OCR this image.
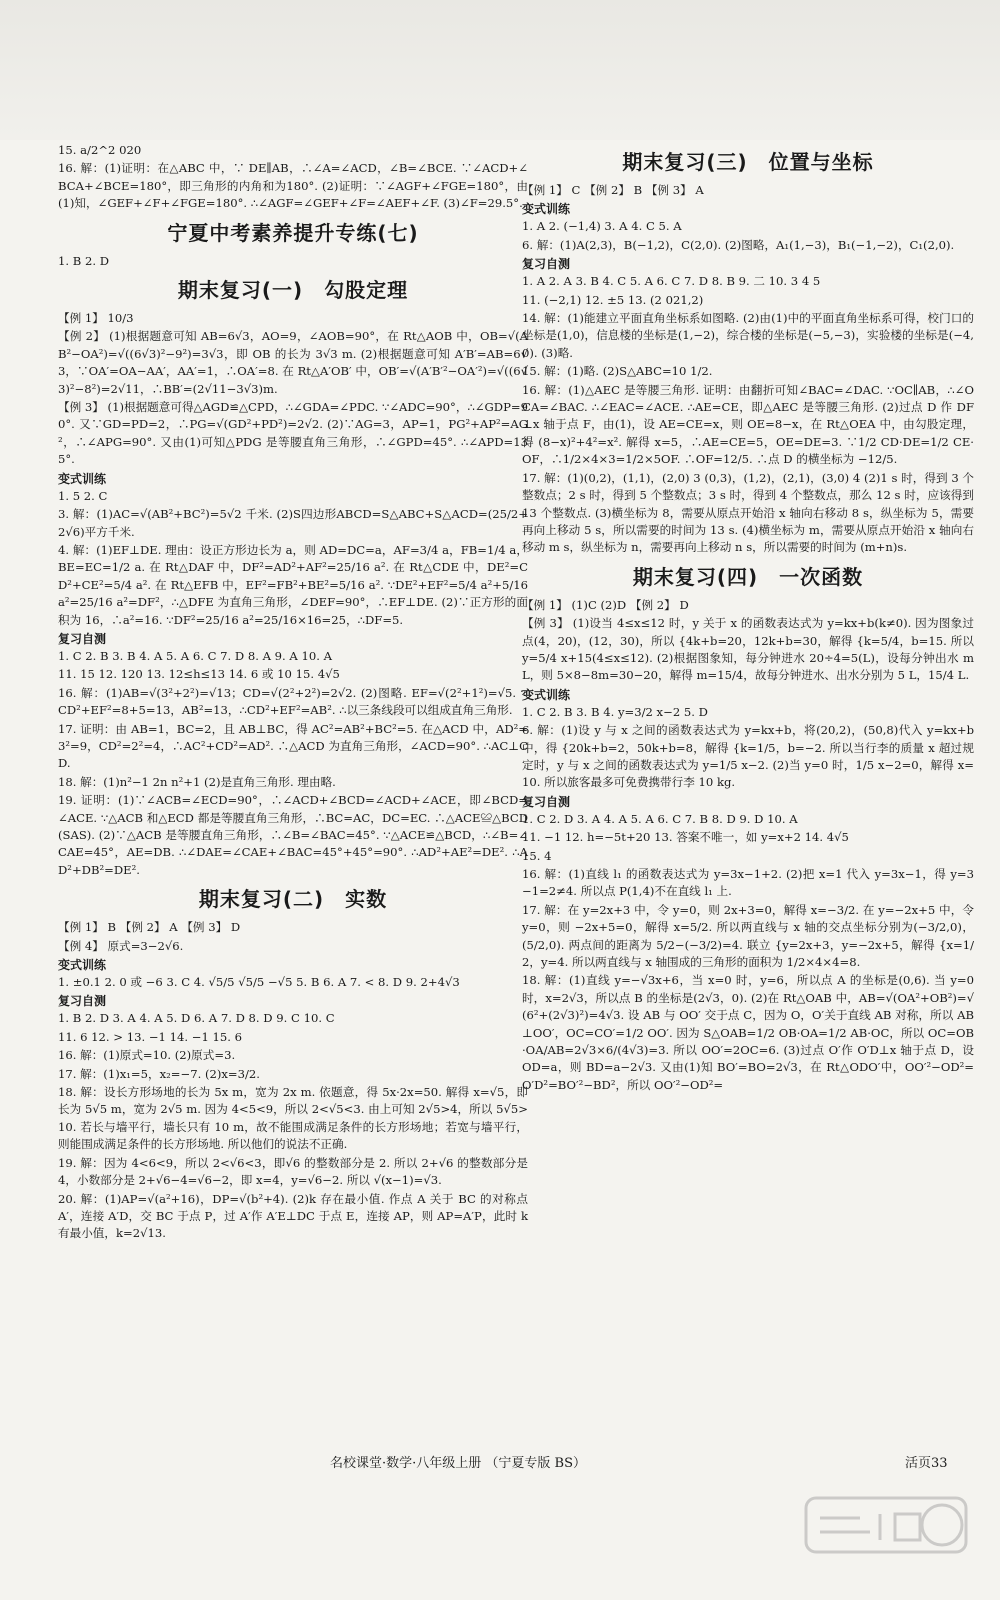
15. a/2^2 020
16. 解：(1)证明：在△ABC 中，∵ DE∥AB，∴∠A=∠ACD，∠B=∠BCE. ∵∠ACD+∠BCA+∠BCE=180°，即三角形的内角和为180°. (2)证明：∵∠AGF+∠FGE=180°，由(1)知，∠GEF+∠F+∠FGE=180°. ∴∠AGF=∠GEF+∠F=∠AEF+∠F. (3)∠F=29.5°.
宁夏中考素养提升专练(七)
1. B 2. D
期末复习(一)　勾股定理
【例 1】 10/3
【例 2】 (1)根据题意可知 AB=6√3，AO=9，∠AOB=90°，在 Rt△AOB 中，OB=√(AB²−OA²)=√((6√3)²−9²)=3√3，即 OB 的长为 3√3 m. (2)根据题意可知 A′B′=AB=6√3，∵OA′=OA−AA′，AA′=1，∴OA′=8. 在 Rt△A′OB′ 中，OB′=√(A′B′²−OA′²)=√((6√3)²−8²)=2√11，∴BB′=(2√11−3√3)m.
【例 3】 (1)根据题意可得△AGD≌△CPD，∴∠GDA=∠PDC. ∵∠ADC=90°，∴∠GDP=90°. 又∵GD=PD=2，∴PG=√(GD²+PD²)=2√2. (2)∵AG=3，AP=1，PG²+AP²=AG²，∴∠APG=90°. 又由(1)可知△PDG 是等腰直角三角形，∴∠GPD=45°. ∴∠APD=135°.
变式训练
1. 5 2. C
3. 解：(1)AC=√(AB²+BC²)=5√2 千米. (2)S四边形ABCD=S△ABC+S△ACD=(25/2+2√6)平方千米.
4. 解：(1)EF⊥DE. 理由：设正方形边长为 a，则 AD=DC=a，AF=3/4 a，FB=1/4 a，BE=EC=1/2 a. 在 Rt△DAF 中，DF²=AD²+AF²=25/16 a². 在 Rt△CDE 中，DE²=CD²+CE²=5/4 a². 在 Rt△EFB 中，EF²=FB²+BE²=5/16 a². ∵DE²+EF²=5/4 a²+5/16 a²=25/16 a²=DF²，∴△DFE 为直角三角形，∠DEF=90°，∴EF⊥DE. (2)∵正方形的面积为 16，∴a²=16. ∵DF²=25/16 a²=25/16×16=25，∴DF=5.
复习自测
1. C 2. B 3. B 4. A 5. A 6. C 7. D 8. A 9. A 10. A
11. 15 12. 120 13. 12≤h≤13 14. 6 或 10 15. 4√5
16. 解：(1)AB=√(3²+2²)=√13；CD=√(2²+2²)=2√2. (2)图略. EF=√(2²+1²)=√5. ∵CD²+EF²=8+5=13，AB²=13，∴CD²+EF²=AB². ∴以三条线段可以组成直角三角形.
17. 证明：由 AB=1，BC=2，且 AB⊥BC，得 AC²=AB²+BC²=5. 在△ACD 中，AD²=3²=9，CD²=2²=4，∴AC²+CD²=AD². ∴△ACD 为直角三角形，∠ACD=90°. ∴AC⊥CD.
18. 解：(1)n²−1 2n n²+1 (2)是直角三角形. 理由略.
19. 证明：(1)∵∠ACB=∠ECD=90°，∴∠ACD+∠BCD=∠ACD+∠ACE，即∠BCD=∠ACE. ∵△ACB 和△ECD 都是等腰直角三角形，∴BC=AC，DC=EC. ∴△ACE≌△BCD(SAS). (2)∵△ACB 是等腰直角三角形，∴∠B=∠BAC=45°. ∵△ACE≌△BCD，∴∠B=∠CAE=45°，AE=DB. ∴∠DAE=∠CAE+∠BAC=45°+45°=90°. ∴AD²+AE²=DE². ∴AD²+DB²=DE².
期末复习(二)　实数
【例 1】 B 【例 2】 A 【例 3】 D
【例 4】 原式=3−2√6.
变式训练
1. ±0.1 2. 0 或 −6 3. C 4. √5/5 √5/5 −√5 5. B 6. A 7. < 8. D 9. 2+4√3
复习自测
1. B 2. D 3. A 4. A 5. D 6. A 7. D 8. D 9. C 10. C
11. 6 12. > 13. −1 14. −1 15. 6
16. 解：(1)原式=10. (2)原式=3.
17. 解：(1)x₁=5，x₂=−7. (2)x=3/2.
18. 解：设长方形场地的长为 5x m，宽为 2x m. 依题意，得 5x·2x=50. 解得 x=√5，即长为 5√5 m，宽为 2√5 m. 因为 4<5<9，所以 2<√5<3. 由上可知 2√5>4，所以 5√5>10. 若长与墙平行，墙长只有 10 m，故不能围成满足条件的长方形场地；若宽与墙平行，则能围成满足条件的长方形场地. 所以他们的说法不正确.
19. 解：因为 4<6<9，所以 2<√6<3，即√6 的整数部分是 2. 所以 2+√6 的整数部分是 4，小数部分是 2+√6−4=√6−2，即 x=4，y=√6−2. 所以 √(x−1)=√3.
20. 解：(1)AP=√(a²+16)，DP=√(b²+4). (2)k 存在最小值. 作点 A 关于 BC 的对称点 A′，连接 A′D，交 BC 于点 P，过 A′作 A′E⊥DC 于点 E，连接 AP，则 AP=A′P，此时 k 有最小值，k=2√13.
期末复习(三)　位置与坐标
【例 1】 C 【例 2】 B 【例 3】 A
变式训练
1. A 2. (−1,4) 3. A 4. C 5. A
6. 解：(1)A(2,3)，B(−1,2)，C(2,0). (2)图略，A₁(1,−3)，B₁(−1,−2)，C₁(2,0).
复习自测
1. A 2. A 3. B 4. C 5. A 6. C 7. D 8. B 9. 二 10. 3 4 5
11. (−2,1) 12. ±5 13. (2 021,2)
14. 解：(1)能建立平面直角坐标系如图略. (2)由(1)中的平面直角坐标系可得，校门口的坐标是(1,0)，信息楼的坐标是(1,−2)，综合楼的坐标是(−5,−3)，实验楼的坐标是(−4,0). (3)略.
15. 解：(1)略. (2)S△ABC=10 1/2.
16. 解：(1)△AEC 是等腰三角形. 证明：由翻折可知∠BAC=∠DAC. ∵OC∥AB，∴∠OCA=∠BAC. ∴∠EAC=∠ACE. ∴AE=CE，即△AEC 是等腰三角形. (2)过点 D 作 DF⊥x 轴于点 F，由(1)，设 AE=CE=x，则 OE=8−x，在 Rt△OEA 中，由勾股定理，得 (8−x)²+4²=x². 解得 x=5，∴AE=CE=5，OE=DE=3. ∵1/2 CD·DE=1/2 CE·OF，∴1/2×4×3=1/2×5OF. ∴OF=12/5. ∴点 D 的横坐标为 −12/5.
17. 解：(1)(0,2)，(1,1)，(2,0) 3 (0,3)，(1,2)，(2,1)，(3,0) 4 (2)1 s 时，得到 3 个整数点；2 s 时，得到 5 个整数点；3 s 时，得到 4 个整数点，那么 12 s 时，应该得到 13 个整数点. (3)横坐标为 8，需要从原点开始沿 x 轴向右移动 8 s，纵坐标为 5，需要再向上移动 5 s，所以需要的时间为 13 s. (4)横坐标为 m，需要从原点开始沿 x 轴向右移动 m s，纵坐标为 n，需要再向上移动 n s，所以需要的时间为 (m+n)s.
期末复习(四)　一次函数
【例 1】 (1)C (2)D 【例 2】 D
【例 3】 (1)设当 4≤x≤12 时，y 关于 x 的函数表达式为 y=kx+b(k≠0). 因为图象过点(4，20)，(12，30)，所以 {4k+b=20，12k+b=30，解得 {k=5/4，b=15. 所以 y=5/4 x+15(4≤x≤12). (2)根据图象知，每分钟进水 20÷4=5(L)，设每分钟出水 m L，则 5×8−8m=30−20，解得 m=15/4，故每分钟进水、出水分别为 5 L，15/4 L.
变式训练
1. C 2. B 3. B 4. y=3/2 x−2 5. D
6. 解：(1)设 y 与 x 之间的函数表达式为 y=kx+b，将(20,2)，(50,8)代入 y=kx+b 中，得 {20k+b=2，50k+b=8，解得 {k=1/5，b=−2. 所以当行李的质量 x 超过规定时，y 与 x 之间的函数表达式为 y=1/5 x−2. (2)当 y=0 时，1/5 x−2=0，解得 x=10. 所以旅客最多可免费携带行李 10 kg.
复习自测
1. C 2. D 3. A 4. A 5. A 6. C 7. B 8. D 9. D 10. A
11. −1 12. h=−5t+20 13. 答案不唯一，如 y=x+2 14. 4√5
15. 4
16. 解：(1)直线 l₁ 的函数表达式为 y=3x−1+2. (2)把 x=1 代入 y=3x−1，得 y=3−1=2≠4. 所以点 P(1,4)不在直线 l₁ 上.
17. 解：在 y=2x+3 中，令 y=0，则 2x+3=0，解得 x=−3/2. 在 y=−2x+5 中，令 y=0，则 −2x+5=0，解得 x=5/2. 所以两直线与 x 轴的交点坐标分别为(−3/2,0)，(5/2,0). 两点间的距离为 5/2−(−3/2)=4. 联立 {y=2x+3，y=−2x+5，解得 {x=1/2，y=4. 所以两直线与 x 轴围成的三角形的面积为 1/2×4×4=8.
18. 解：(1)直线 y=−√3x+6，当 x=0 时，y=6，所以点 A 的坐标是(0,6). 当 y=0 时，x=2√3，所以点 B 的坐标是(2√3，0). (2)在 Rt△OAB 中，AB=√(OA²+OB²)=√(6²+(2√3)²)=4√3. 设 AB 与 OO′ 交于点 C，因为 O，O′关于直线 AB 对称，所以 AB⊥OO′，OC=CO′=1/2 OO′. 因为 S△OAB=1/2 OB·OA=1/2 AB·OC，所以 OC=OB·OA/AB=2√3×6/(4√3)=3. 所以 OO′=2OC=6. (3)过点 O′作 O′D⊥x 轴于点 D，设 OD=a，则 BD=a−2√3. 又由(1)知 BO′=BO=2√3，在 Rt△ODO′中，OO′²−OD²=O′D²=BO′²−BD²，所以 OO′²−OD²=
名校课堂·数学·八年级上册 （宁夏专版 BS）	活页33
